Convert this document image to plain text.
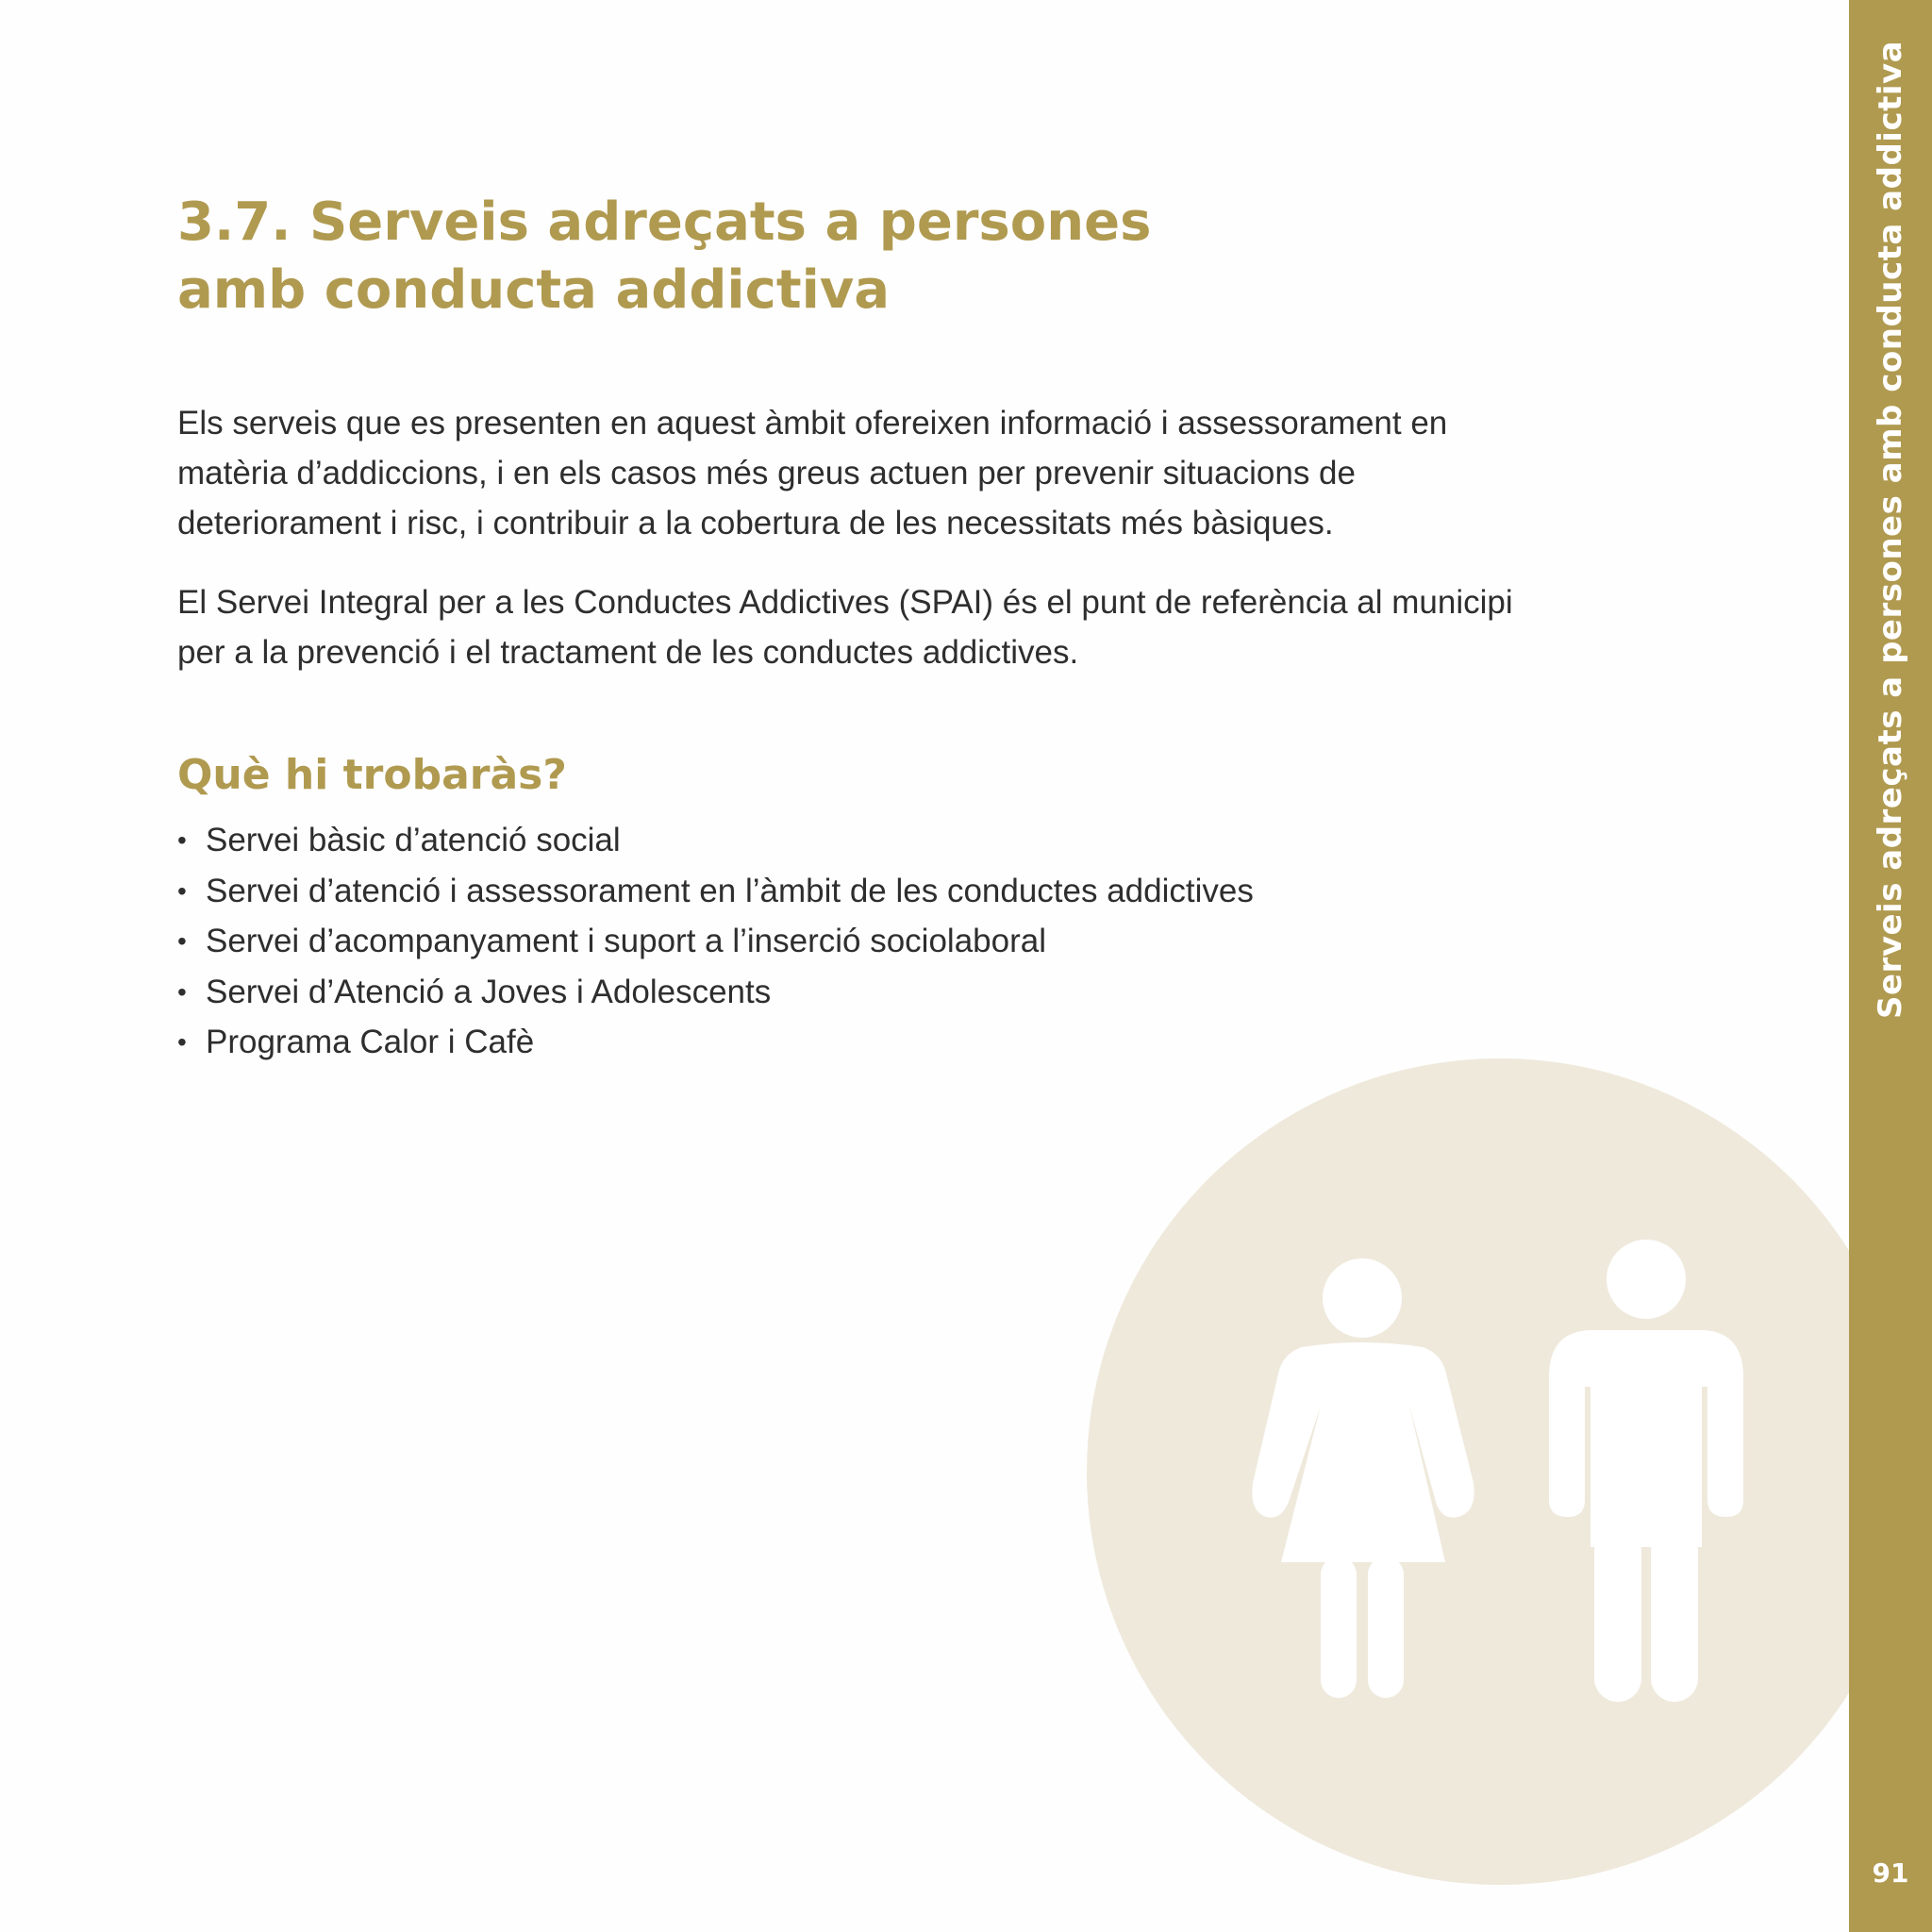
3.7. Serveis adreçats a persones
amb conducta addictiva

Els serveis que es presenten en aquest àmbit ofereixen informació i assessorament en matèria d’addiccions, i en els casos més greus actuen per prevenir situacions de deteriorament i risc, i contribuir a la cobertura de les necessitats més bàsiques.

El Servei Integral per a les Conductes Addictives (SPAI) és el punt de referència al municipi per a la prevenció i el tractament de les conductes addictives.

Què hi trobaràs?
• Servei bàsic d’atenció social
• Servei d’atenció i assessorament en l’àmbit de les conductes addictives
• Servei d’acompanyament i suport a l’inserció sociolaboral
• Servei d’Atenció a Joves i Adolescents
• Programa Calor i Cafè
Serveis adreçats a persones amb conducta addictiva
91
